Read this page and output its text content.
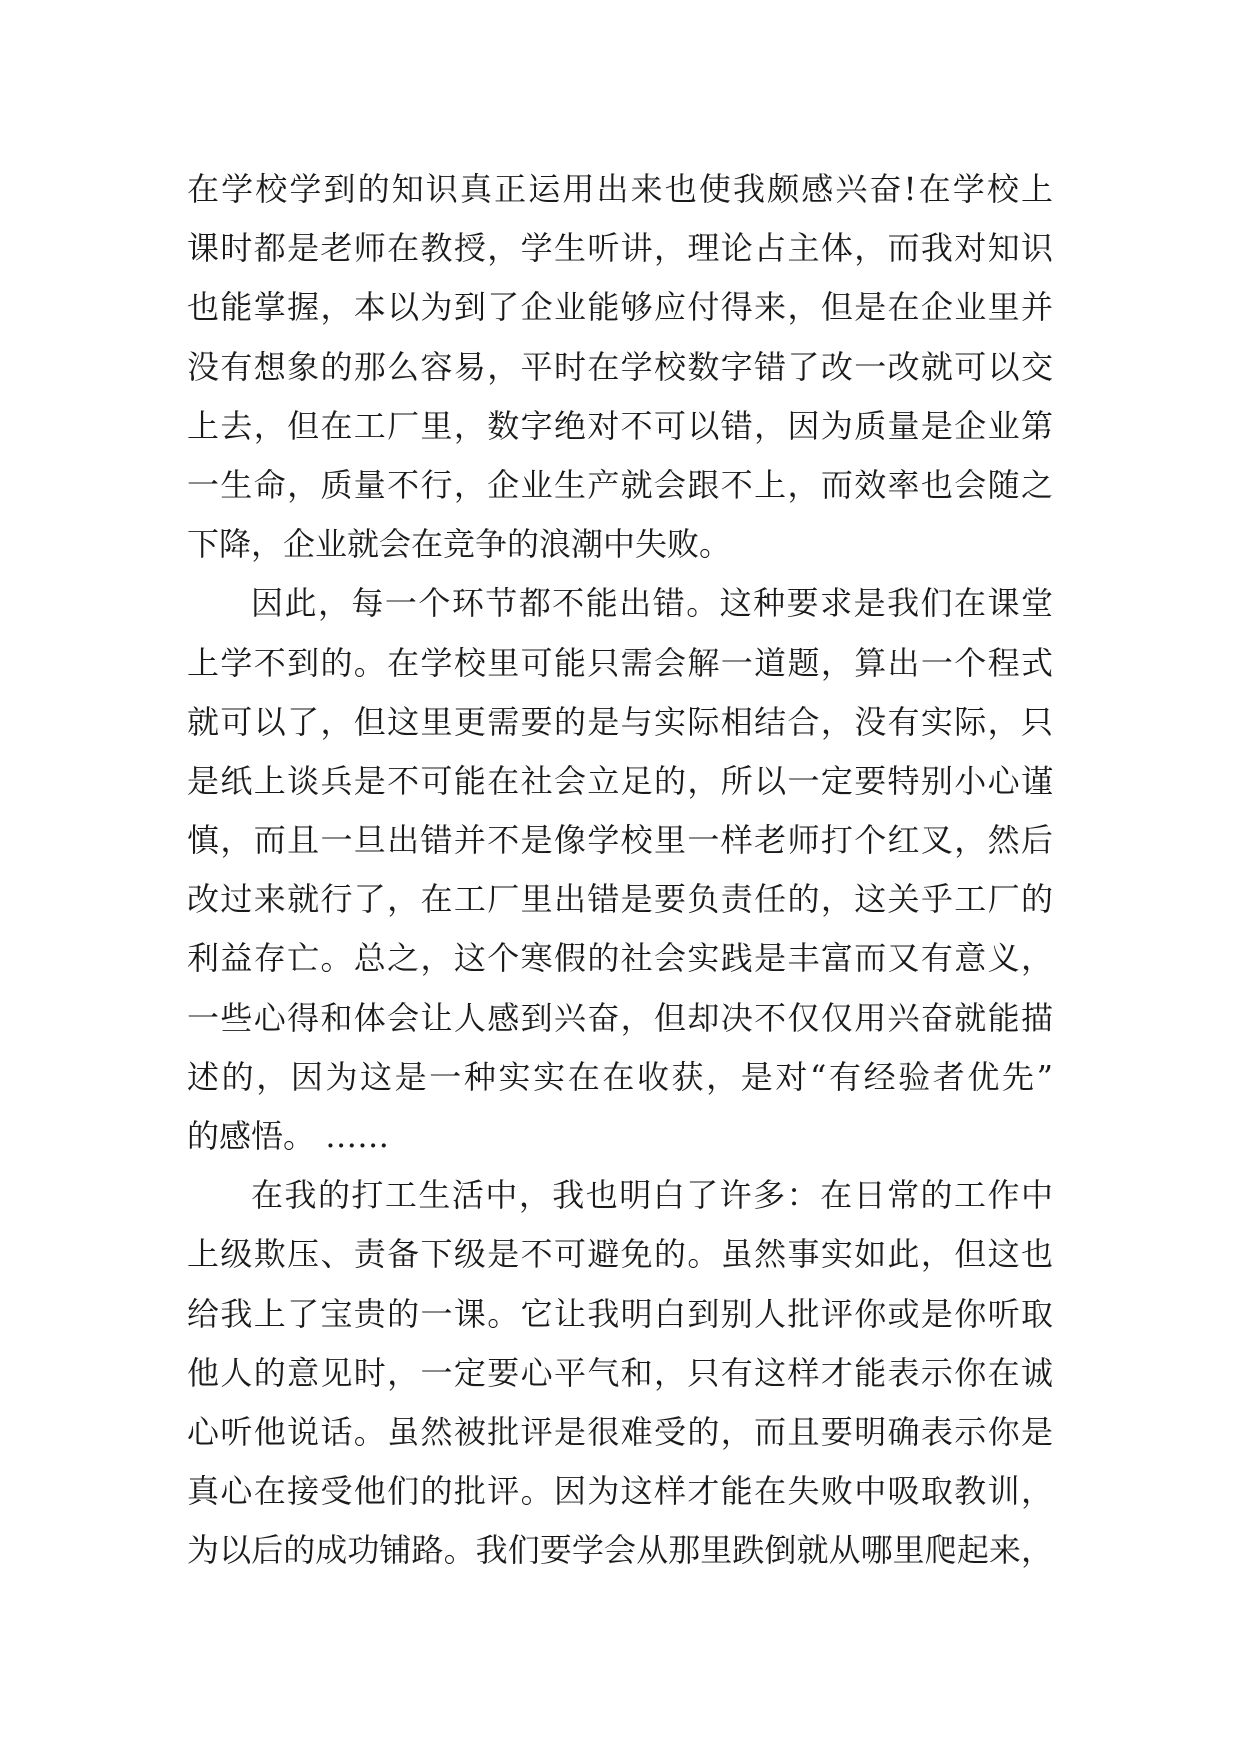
在学校学到的知识真正运用出来也使我颇感兴奋!在学校上
课时都是老师在教授，学生听讲，理论占主体，而我对知识
也能掌握，本以为到了企业能够应付得来，但是在企业里并
没有想象的那么容易，平时在学校数字错了改一改就可以交
上去，但在工厂里，数字绝对不可以错，因为质量是企业第
一生命，质量不行，企业生产就会跟不上，而效率也会随之
下降，企业就会在竞争的浪潮中失败。
因此，每一个环节都不能出错。这种要求是我们在课堂
上学不到的。在学校里可能只需会解一道题，算出一个程式
就可以了，但这里更需要的是与实际相结合，没有实际，只
是纸上谈兵是不可能在社会立足的，所以一定要特别小心谨
慎，而且一旦出错并不是像学校里一样老师打个红叉，然后
改过来就行了，在工厂里出错是要负责任的，这关乎工厂的
利益存亡。总之，这个寒假的社会实践是丰富而又有意义，
一些心得和体会让人感到兴奋，但却决不仅仅用兴奋就能描
述的，因为这是一种实实在在收获，是对“有经验者优先”
的感悟。 ……
在我的打工生活中，我也明白了许多：在日常的工作中
上级欺压、责备下级是不可避免的。虽然事实如此，但这也
给我上了宝贵的一课。它让我明白到别人批评你或是你听取
他人的意见时，一定要心平气和，只有这样才能表示你在诚
心听他说话。虽然被批评是很难受的，而且要明确表示你是
真心在接受他们的批评。因为这样才能在失败中吸取教训，
为以后的成功铺路。我们要学会从那里跌倒就从哪里爬起来，
